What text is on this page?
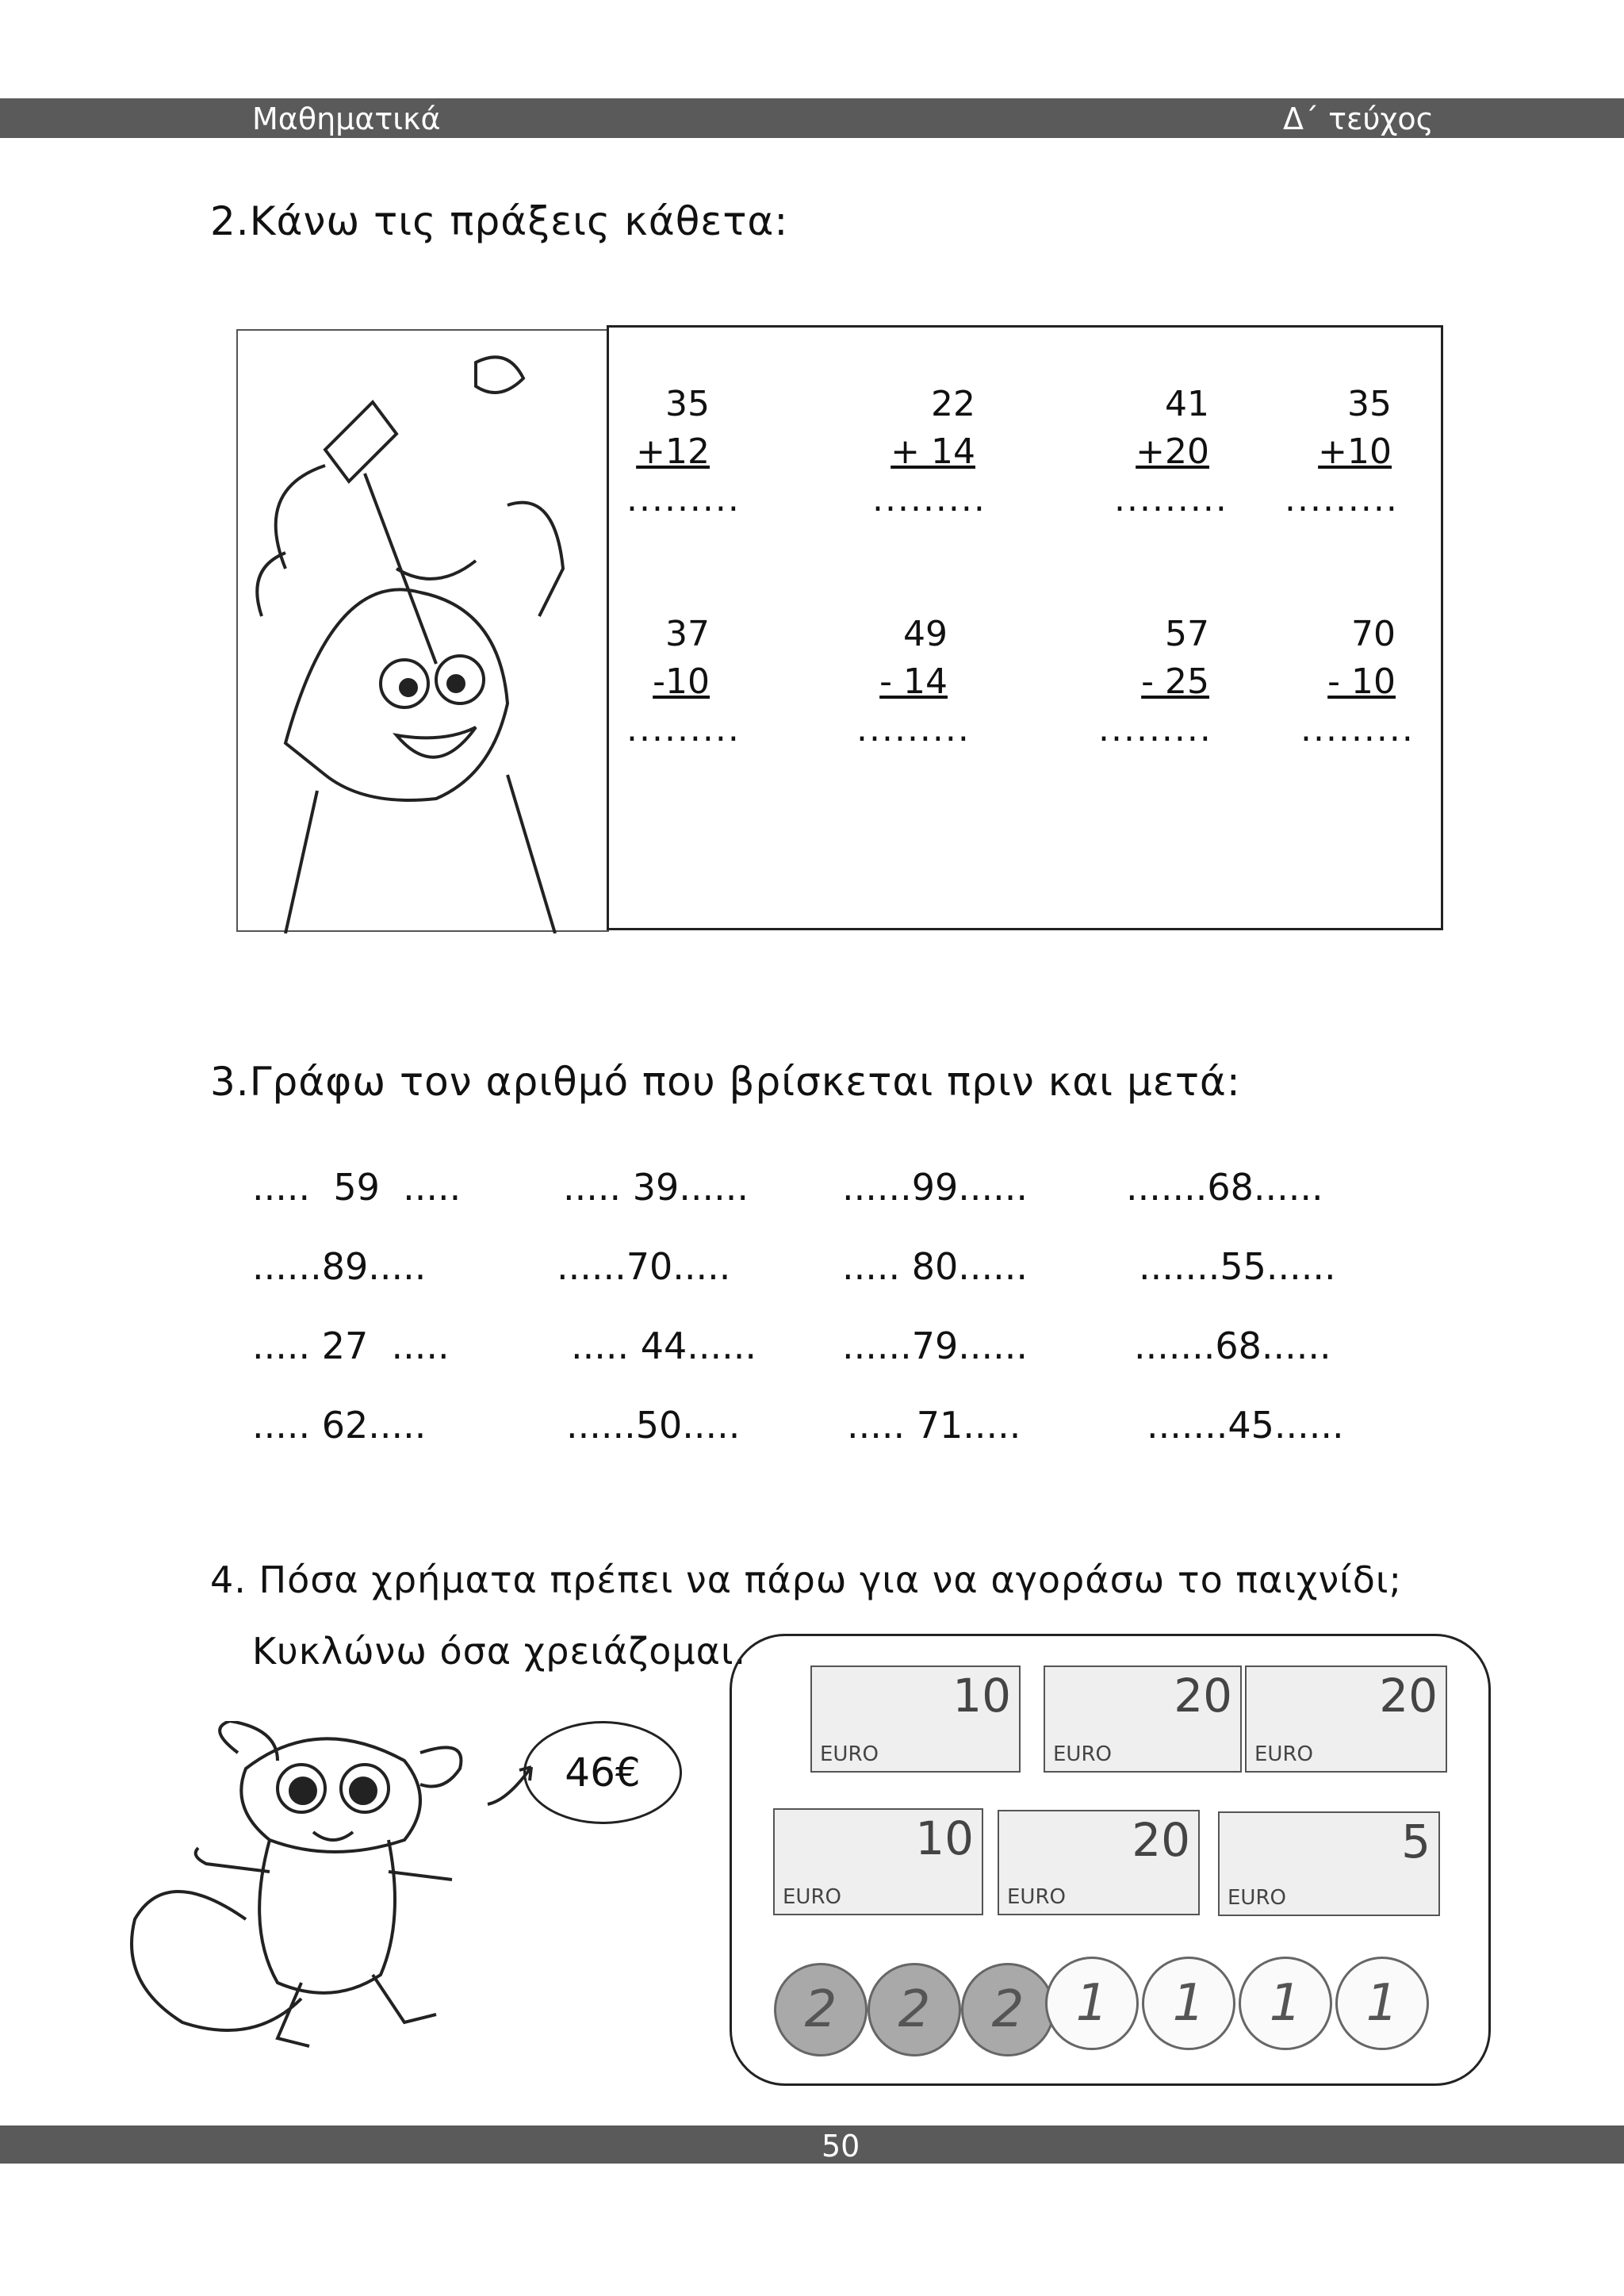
Μαθηματικά	Δ΄ τεύχος
2.Κάνω τις πράξεις κάθετα:
35
+12
.........
22
+ 14
.........
41
+20
.........
35
+10
.........
37
-10
.........
49
- 14
.........
57
- 25
.........
70
- 10
.........
3.Γράφω τον αριθμό που βρίσκεται πριν και μετά:
.....  59  .....	..... 39......	......99......	.......68......
......89.....	......70.....	..... 80......	.......55......
..... 27  .....	..... 44...... ......79......	.......68......
..... 62.....	......50.....	..... 71.....	.......45......
4. Πόσα χρήματα πρέπει να πάρω για να αγοράσω το παιχνίδι;
Κυκλώνω όσα χρειάζομαι.
46€
10
EURO
20
EURO
20
EURO
10
EURO
20
EURO
5
EURO
2	2	2	1	1	1	1
50
